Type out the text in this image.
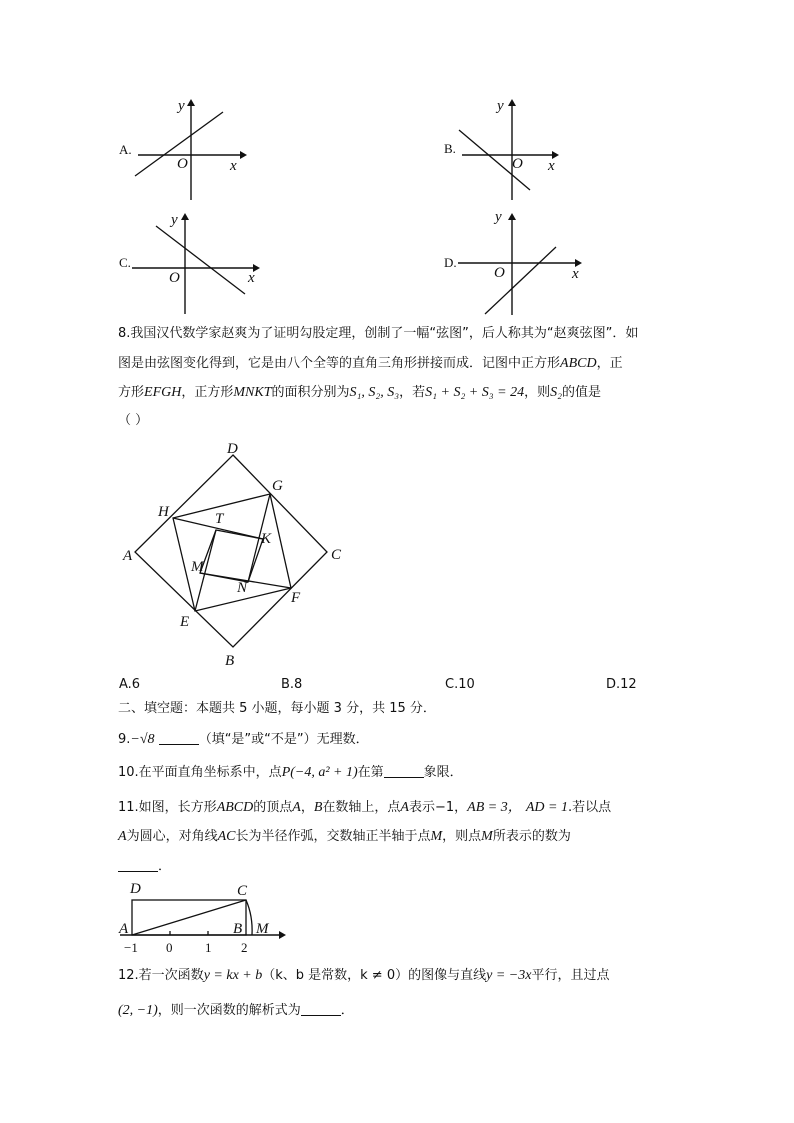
A.
O	x
y
B.
O x
y
C.
O	x
y
D.
O	x
y
8.我国汉代数学家赵爽为了证明勾股定理，创制了一幅“弦图”，后人称其为“赵爽弦图”．如
图是由弦图变化得到，它是由八个全等的直角三角形拼接而成．记图中正方形ABCD，正
方形EFGH，正方形MNKT的面积分别为S₁, S₂, S₃，若S₁ + S₂ + S₃ = 24，则S₂的值是
（ ）
D
G
H	T
K
A	C
M
N
F
E
B
A.6	B.8	C.10	D.12
二、填空题：本题共 5 小题，每小题 3 分，共 15 分．
9.−√8	（填“是”或“不是”）无理数．
10.在平面直角坐标系中，点P(−4, a² + 1)在第	象限．
11.如图，长方形ABCD的顶点A，B在数轴上，点A表示−1，AB = 3， AD = 1.若以点
A为圆心，对角线AC长为半径作弧，交数轴正半轴于点M，则点M所表示的数为
．
D	C
A	B M
−1 0	1 2
12.若一次函数y = kx + b（k、b 是常数，k ≠ 0）的图像与直线y = −3x平行，且过点
(2, −1)，则一次函数的解析式为	．
